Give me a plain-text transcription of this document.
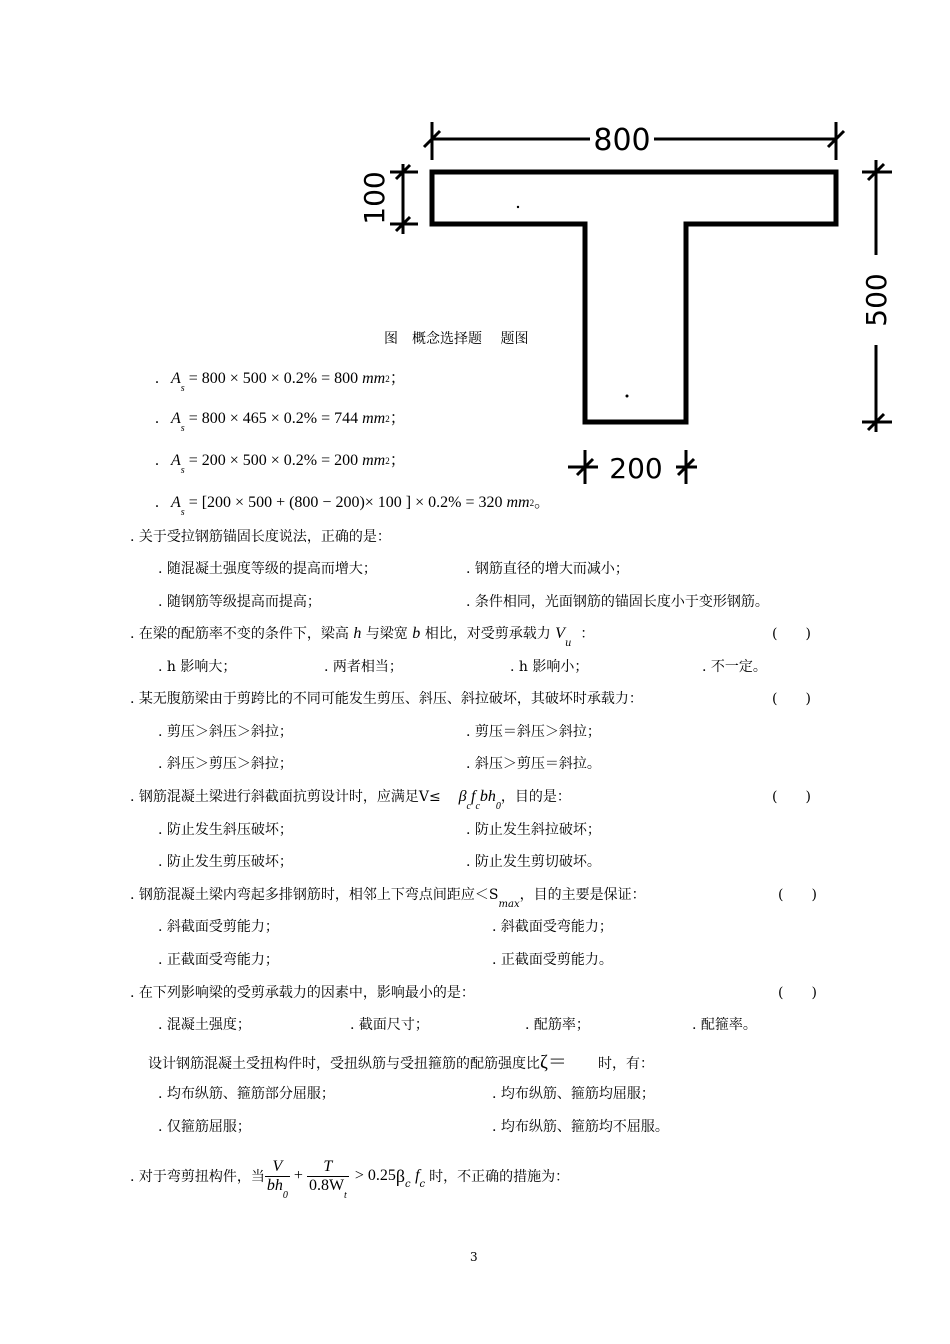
800
100
500
200
图　概念选择题　 题图
. $A_s = 800 \times 500 \times 0.2\% = 800$ mm2；
. $A_s = 800 \times 465 \times 0.2\% = 744$ mm2；
. $A_s = 200 \times 500 \times 0.2\% = 200$ mm2；
. $A_s = [200 \times 500 + (800 - 200)\times 100$ ] × 0.2% = 320 mm2。
. 关于受拉钢筋锚固长度说法，正确的是：
. 随混凝土强度等级的提高而增大；	. 钢筋直径的增大而减小；
. 随钢筋等级提高而提高；	. 条件相同，光面钢筋的锚固长度小于变形钢筋。
. 在梁的配筋率不变的条件下，梁高 h 与梁宽 b 相比，对受剪承载力 $V_u$  ：	(　　)
. h 影响大；	. 两者相当；	. h 影响小；	. 不一定。
. 某无腹筋梁由于剪跨比的不同可能发生剪压、斜压、斜拉破坏，其破坏时承载力：	(　　)
. 剪压＞斜压＞斜拉；	. 剪压＝斜压＞斜拉；
. 斜压＞剪压＞斜拉；	. 斜压＞剪压＝斜拉。
. 钢筋混凝土梁进行斜截面抗剪设计时，应满足$V\le \beta_cf_cbh_0$，目的是：	(　　)
. 防止发生斜压破坏；	. 防止发生斜拉破坏；
. 防止发生剪压破坏；	. 防止发生剪切破坏。
. 钢筋混凝土梁内弯起多排钢筋时，相邻上下弯点间距应$<S_{max}$，目的主要是保证：	(　　)
. 斜截面受剪能力；	. 斜截面受弯能力；
. 正截面受弯能力；	. 正截面受剪能力。
. 在下列影响梁的受剪承载力的因素中，影响最小的是：	(　　)
. 混凝土强度；	. 截面尺寸；	. 配筋率；	. 配箍率。
设计钢筋混凝土受扭构件时，受扭纵筋与受扭箍筋的配筋强度比ζ＝ 时，有：
. 均布纵筋、箍筋部分屈服；	. 均布纵筋、箍筋均屈服；
. 仅箍筋屈服；	. 均布纵筋、箍筋均不屈服。
. 对于弯剪扭构件，当 $\frac{V}{bh_0} + \frac{T}{0.8W_t} > 0.25$ β c
f c 时，不正确的措施为：
3
